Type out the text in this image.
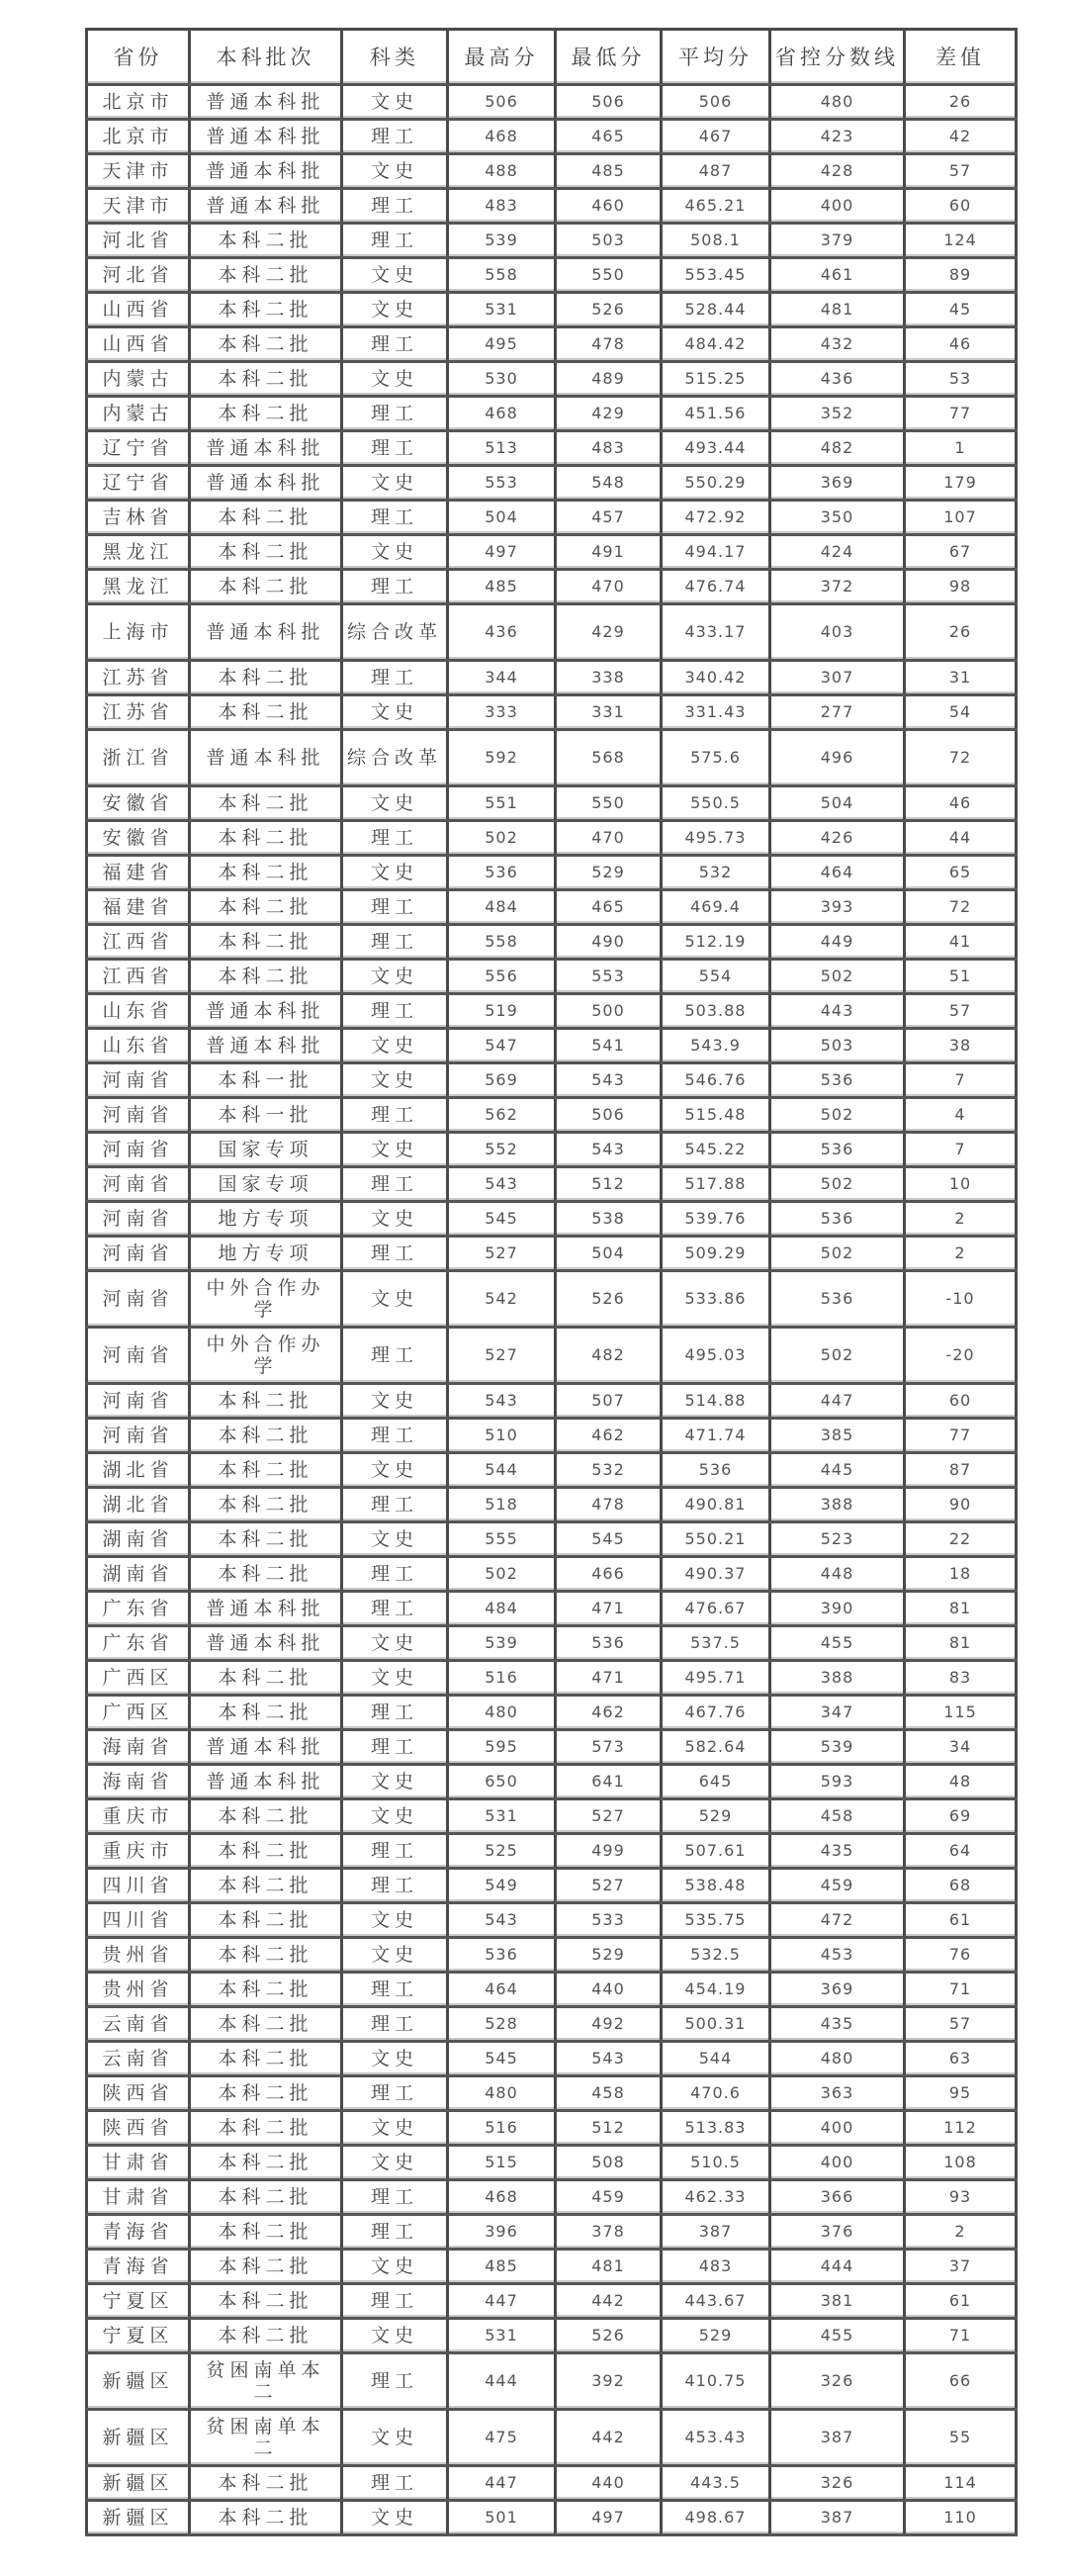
省份	本科批次	科类	最高分	最低分	平均分	省控分数线	差值
北京市	普通本科批	文史	506	506	506	480	26
北京市	普通本科批	理工	468	465	467	423	42
天津市	普通本科批	文史	488	485	487	428	57
天津市	普通本科批	理工	483	460	465.21	400	60
河北省	本科二批	理工	539	503	508.1	379	124
河北省	本科二批	文史	558	550	553.45	461	89
山西省	本科二批	文史	531	526	528.44	481	45
山西省	本科二批	理工	495	478	484.42	432	46
内蒙古	本科二批	文史	530	489	515.25	436	53
内蒙古	本科二批	理工	468	429	451.56	352	77
辽宁省	普通本科批	理工	513	483	493.44	482	1
辽宁省	普通本科批	文史	553	548	550.29	369	179
吉林省	本科二批	理工	504	457	472.92	350	107
黑龙江	本科二批	文史	497	491	494.17	424	67
黑龙江	本科二批	理工	485	470	476.74	372	98
上海市	普通本科批	综合改革	436	429	433.17	403	26
江苏省	本科二批	理工	344	338	340.42	307	31
江苏省	本科二批	文史	333	331	331.43	277	54
浙江省	普通本科批	综合改革	592	568	575.6	496	72
安徽省	本科二批	文史	551	550	550.5	504	46
安徽省	本科二批	理工	502	470	495.73	426	44
福建省	本科二批	文史	536	529	532	464	65
福建省	本科二批	理工	484	465	469.4	393	72
江西省	本科二批	理工	558	490	512.19	449	41
江西省	本科二批	文史	556	553	554	502	51
山东省	普通本科批	理工	519	500	503.88	443	57
山东省	普通本科批	文史	547	541	543.9	503	38
河南省	本科一批	文史	569	543	546.76	536	7
河南省	本科一批	理工	562	506	515.48	502	4
河南省	国家专项	文史	552	543	545.22	536	7
河南省	国家专项	理工	543	512	517.88	502	10
河南省	地方专项	文史	545	538	539.76	536	2
河南省	地方专项	理工	527	504	509.29	502	2
河南省	中外合作办学	文史	542	526	533.86	536	-10
河南省	中外合作办学	理工	527	482	495.03	502	-20
河南省	本科二批	文史	543	507	514.88	447	60
河南省	本科二批	理工	510	462	471.74	385	77
湖北省	本科二批	文史	544	532	536	445	87
湖北省	本科二批	理工	518	478	490.81	388	90
湖南省	本科二批	文史	555	545	550.21	523	22
湖南省	本科二批	理工	502	466	490.37	448	18
广东省	普通本科批	理工	484	471	476.67	390	81
广东省	普通本科批	文史	539	536	537.5	455	81
广西区	本科二批	文史	516	471	495.71	388	83
广西区	本科二批	理工	480	462	467.76	347	115
海南省	普通本科批	理工	595	573	582.64	539	34
海南省	普通本科批	文史	650	641	645	593	48
重庆市	本科二批	文史	531	527	529	458	69
重庆市	本科二批	理工	525	499	507.61	435	64
四川省	本科二批	理工	549	527	538.48	459	68
四川省	本科二批	文史	543	533	535.75	472	61
贵州省	本科二批	文史	536	529	532.5	453	76
贵州省	本科二批	理工	464	440	454.19	369	71
云南省	本科二批	理工	528	492	500.31	435	57
云南省	本科二批	文史	545	543	544	480	63
陕西省	本科二批	理工	480	458	470.6	363	95
陕西省	本科二批	文史	516	512	513.83	400	112
甘肃省	本科二批	文史	515	508	510.5	400	108
甘肃省	本科二批	理工	468	459	462.33	366	93
青海省	本科二批	理工	396	378	387	376	2
青海省	本科二批	文史	485	481	483	444	37
宁夏区	本科二批	理工	447	442	443.67	381	61
宁夏区	本科二批	文史	531	526	529	455	71
新疆区	贫困南单本二	理工	444	392	410.75	326	66
新疆区	贫困南单本二	文史	475	442	453.43	387	55
新疆区	本科二批	理工	447	440	443.5	326	114
新疆区	本科二批	文史	501	497	498.67	387	110
